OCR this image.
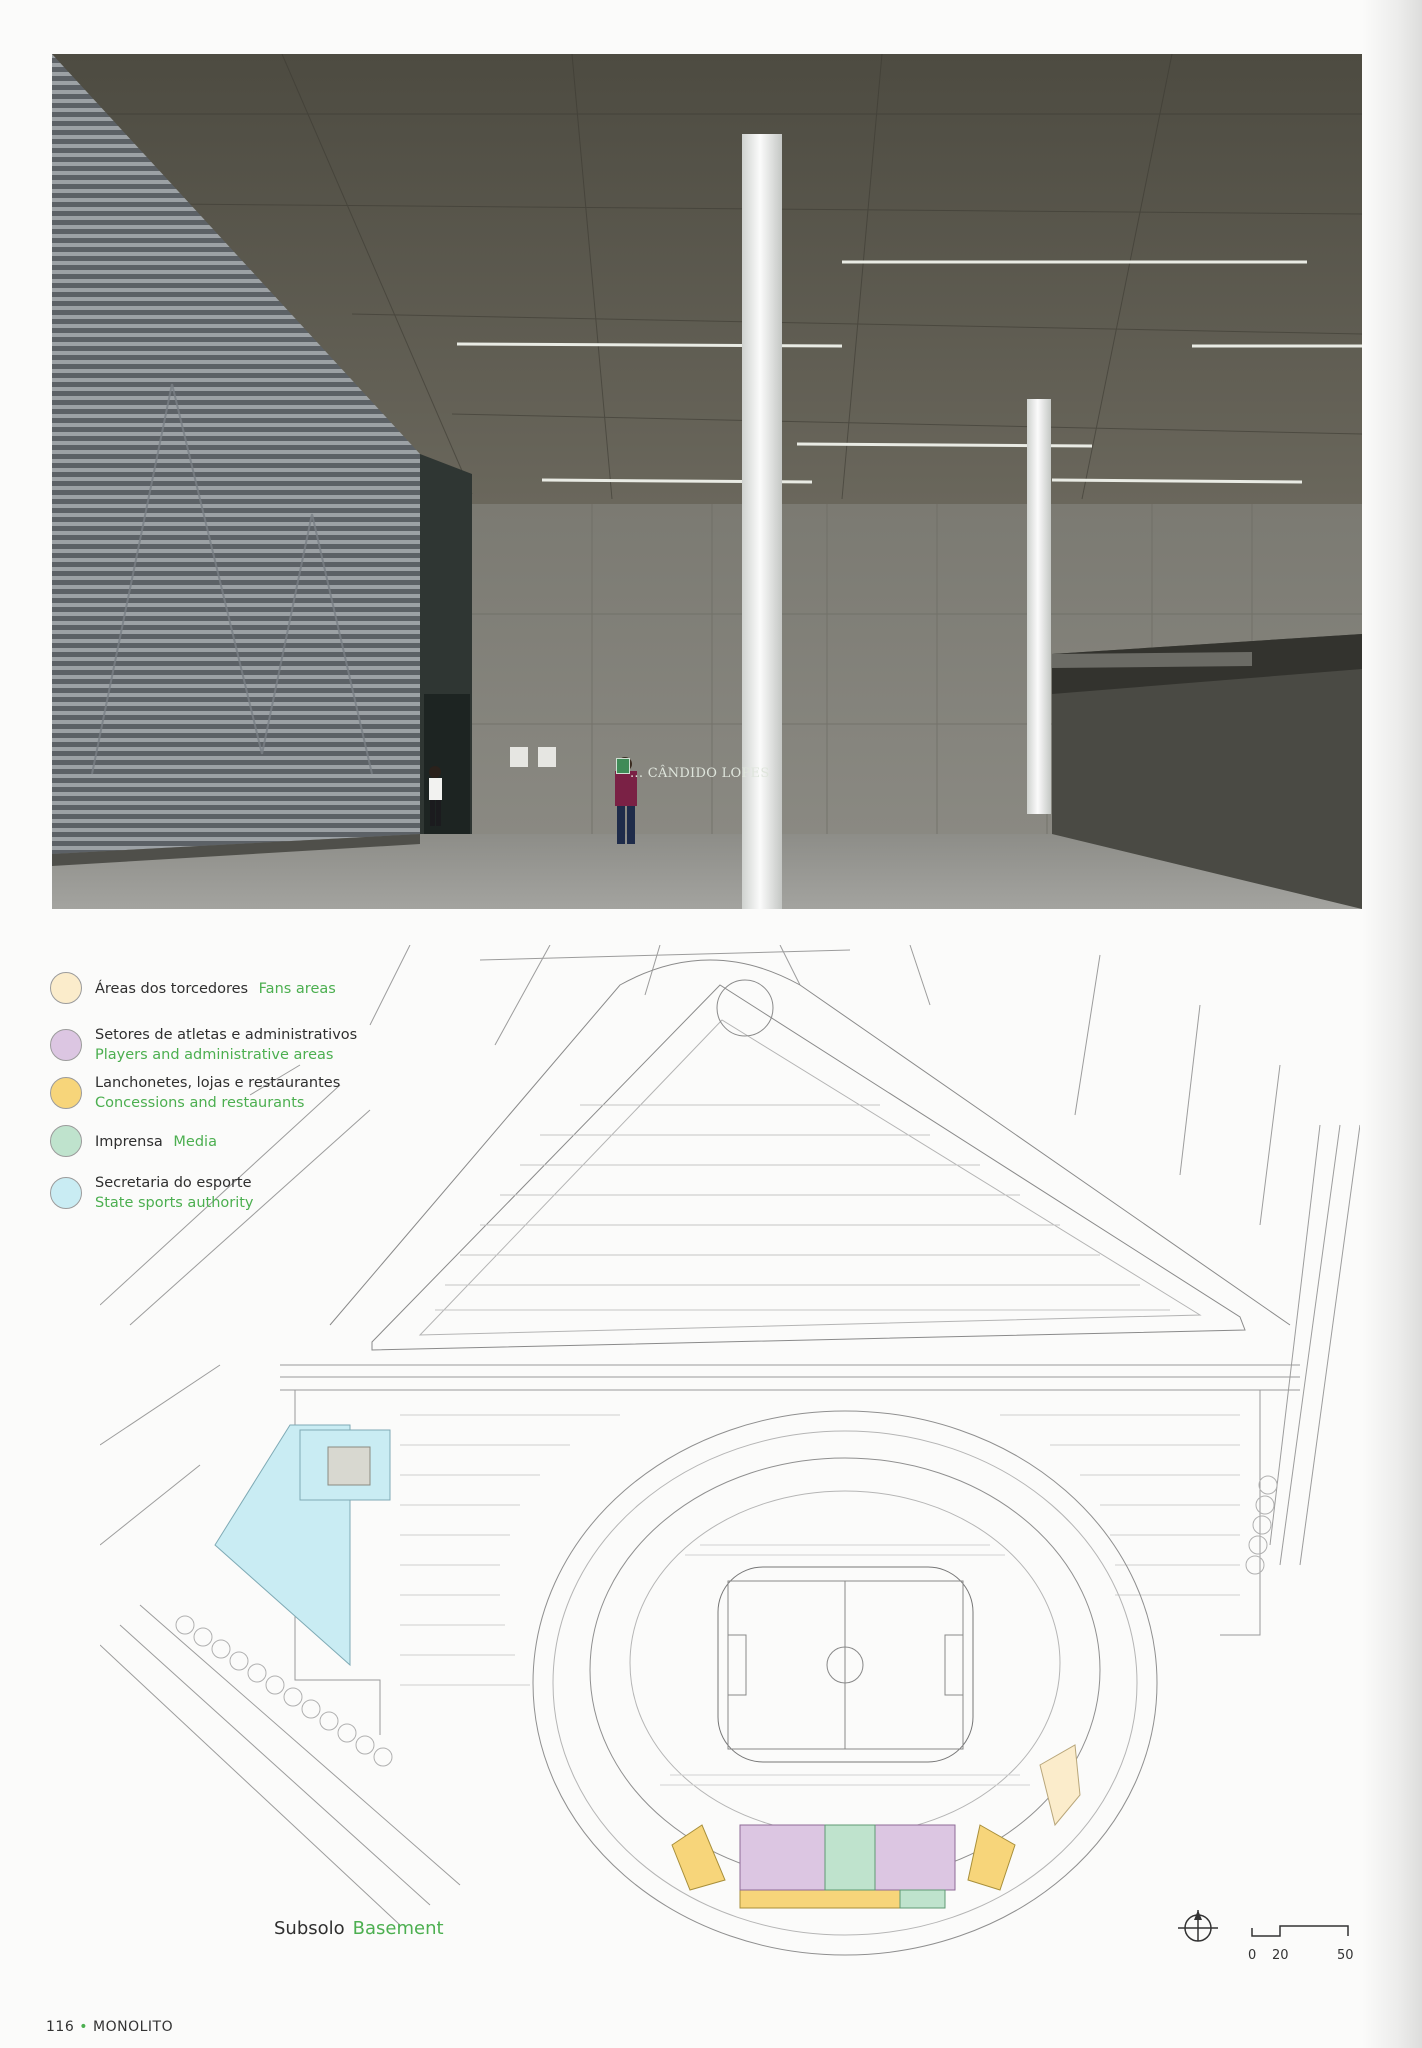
... CÂNDIDO LOPES
Áreas dos torcedores Fans areas
Setores de atletas e administrativos
Players and administrative areas
Lanchonetes, lojas e restaurantes
Concessions and restaurants
Imprensa Media
Secretaria do esporte
State sports authority
Subsolo Basement
0 20	50
116 • MONOLITO
